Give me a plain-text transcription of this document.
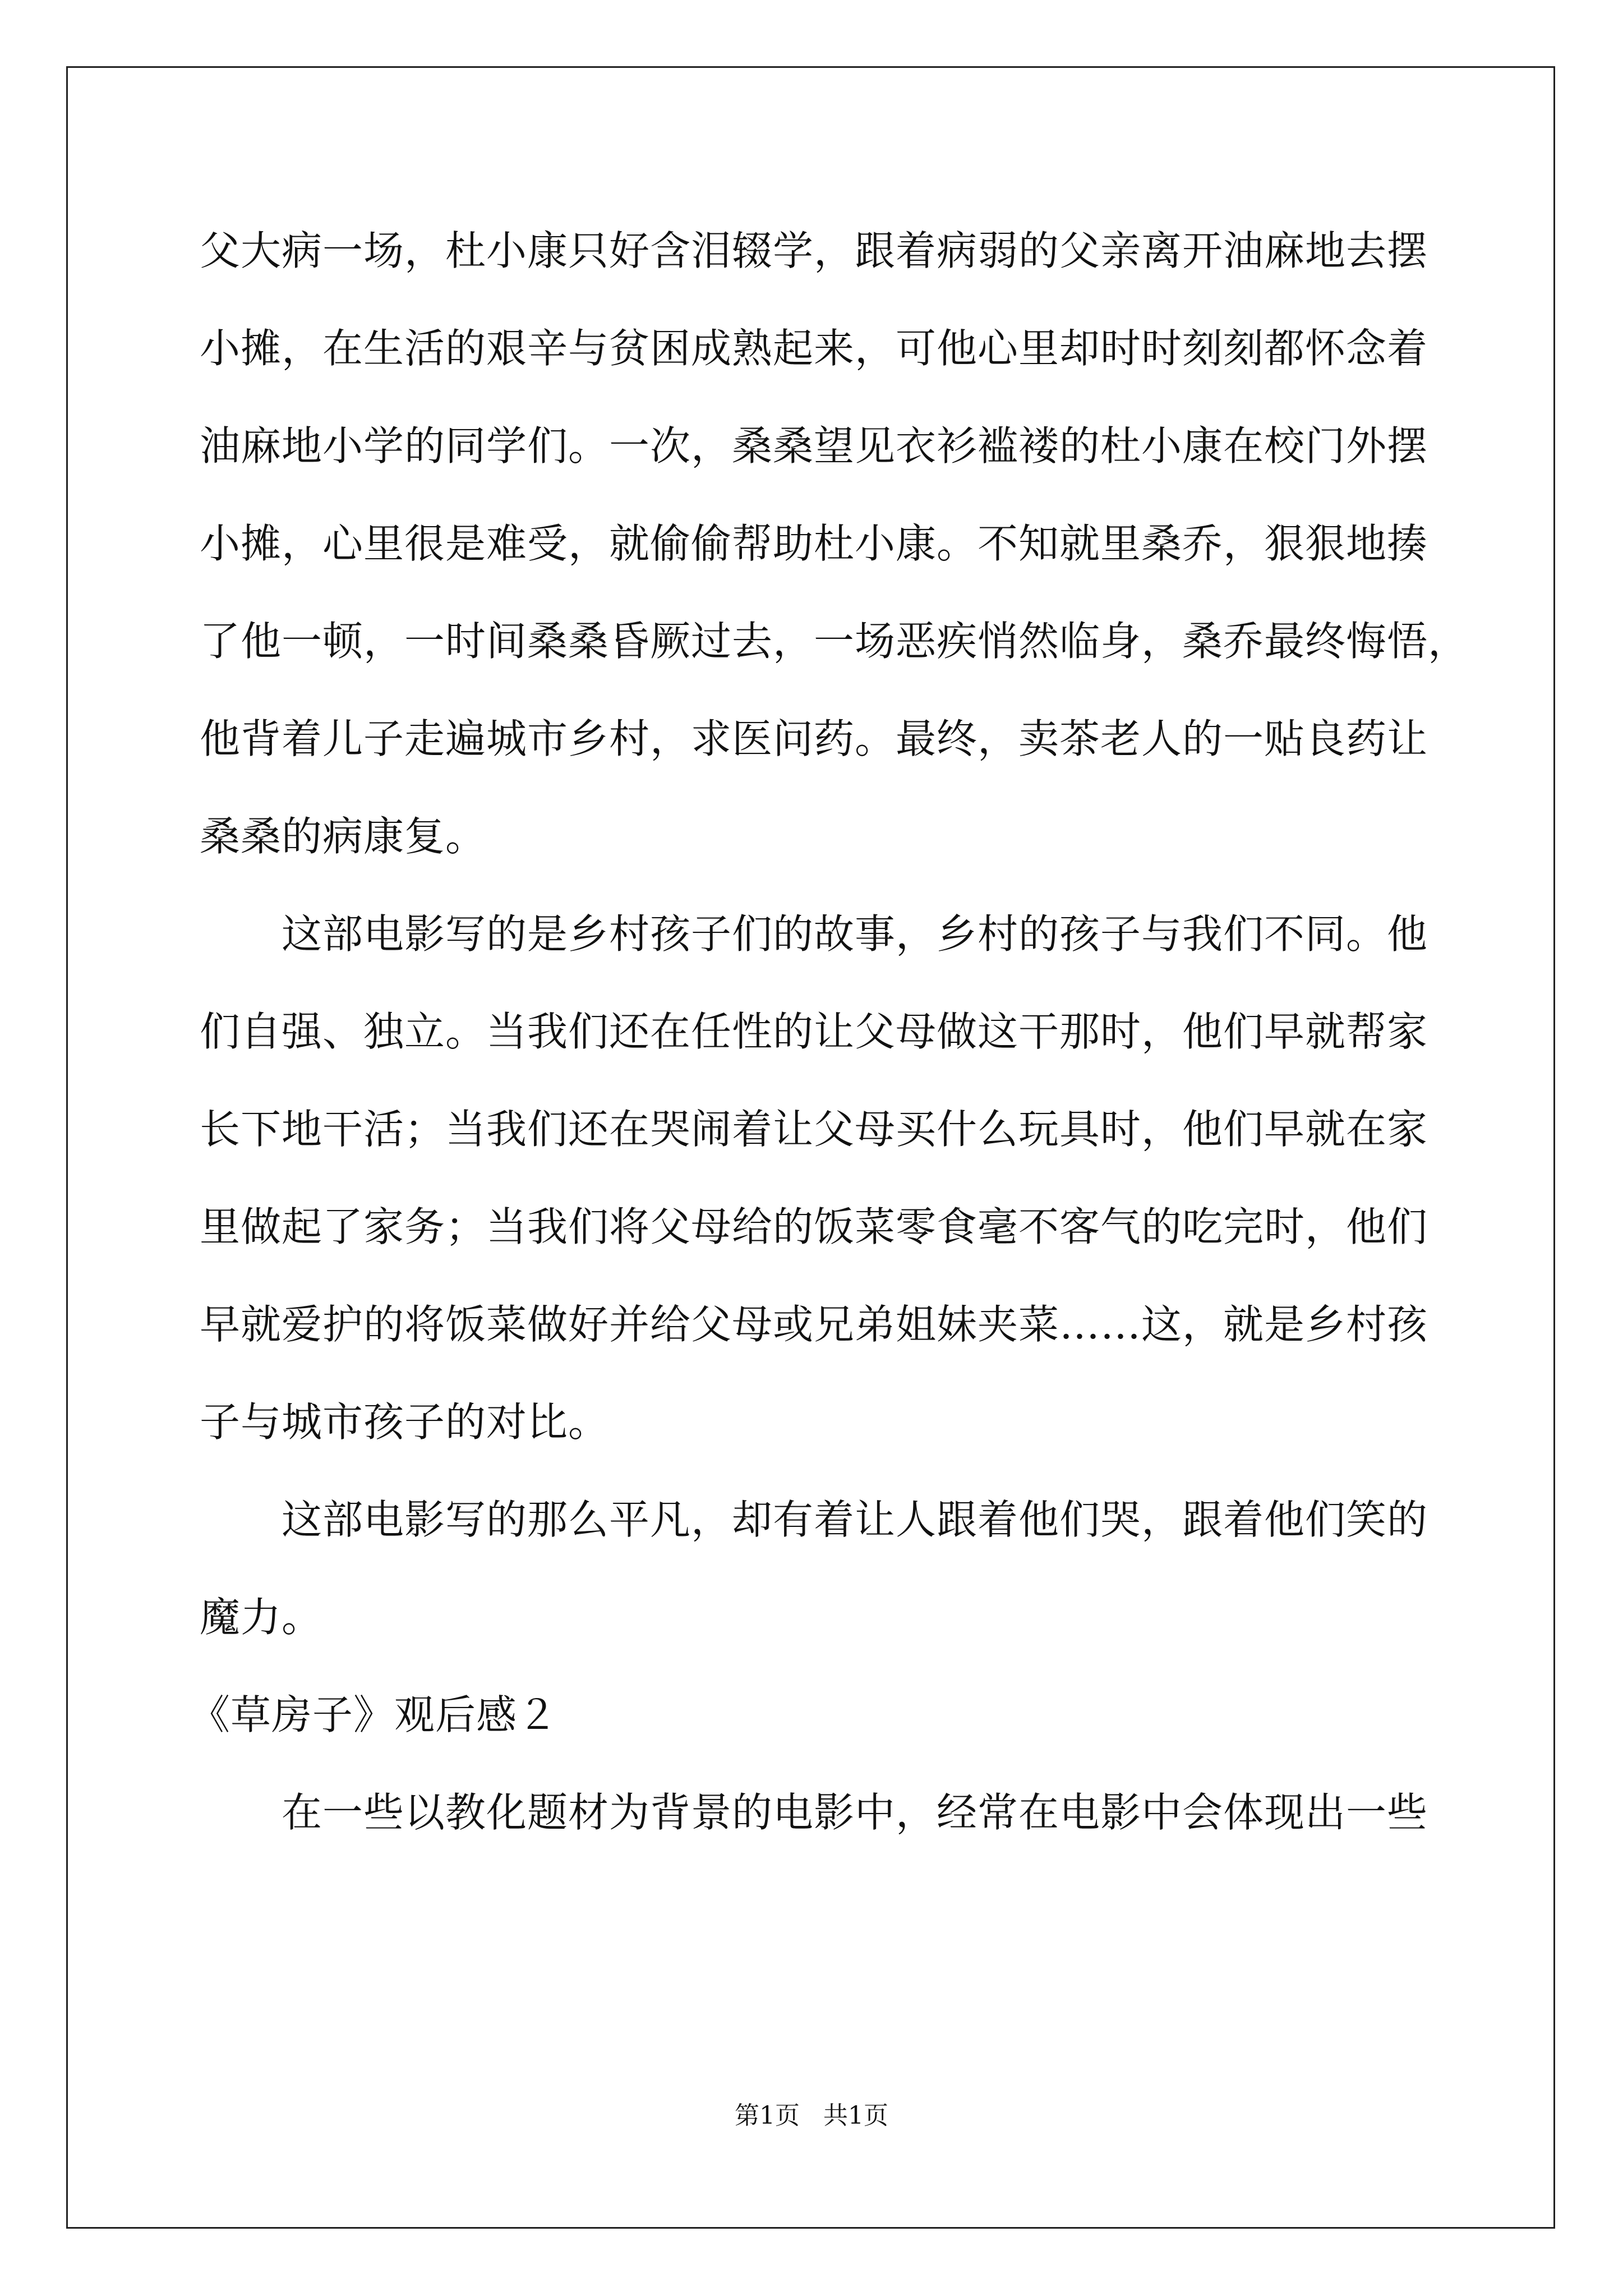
父大病一场，杜小康只好含泪辍学，跟着病弱的父亲离开油麻地去摆
小摊，在生活的艰辛与贫困成熟起来，可他心里却时时刻刻都怀念着
油麻地小学的同学们。一次，桑桑望见衣衫褴褛的杜小康在校门外摆
小摊，心里很是难受，就偷偷帮助杜小康。不知就里桑乔，狠狠地揍
了他一顿，一时间桑桑昏厥过去，一场恶疾悄然临身，桑乔最终悔悟，
他背着儿子走遍城市乡村，求医问药。最终，卖茶老人的一贴良药让
桑桑的病康复。
这部电影写的是乡村孩子们的故事，乡村的孩子与我们不同。他
们自强、独立。当我们还在任性的让父母做这干那时，他们早就帮家
长下地干活；当我们还在哭闹着让父母买什么玩具时，他们早就在家
里做起了家务；当我们将父母给的饭菜零食毫不客气的吃完时，他们
早就爱护的将饭菜做好并给父母或兄弟姐妹夹菜……这，就是乡村孩
子与城市孩子的对比。
这部电影写的那么平凡，却有着让人跟着他们哭，跟着他们笑的
魔力。
《草房子》观后感２
在一些以教化题材为背景的电影中，经常在电影中会体现出一些
第1页 共1页
